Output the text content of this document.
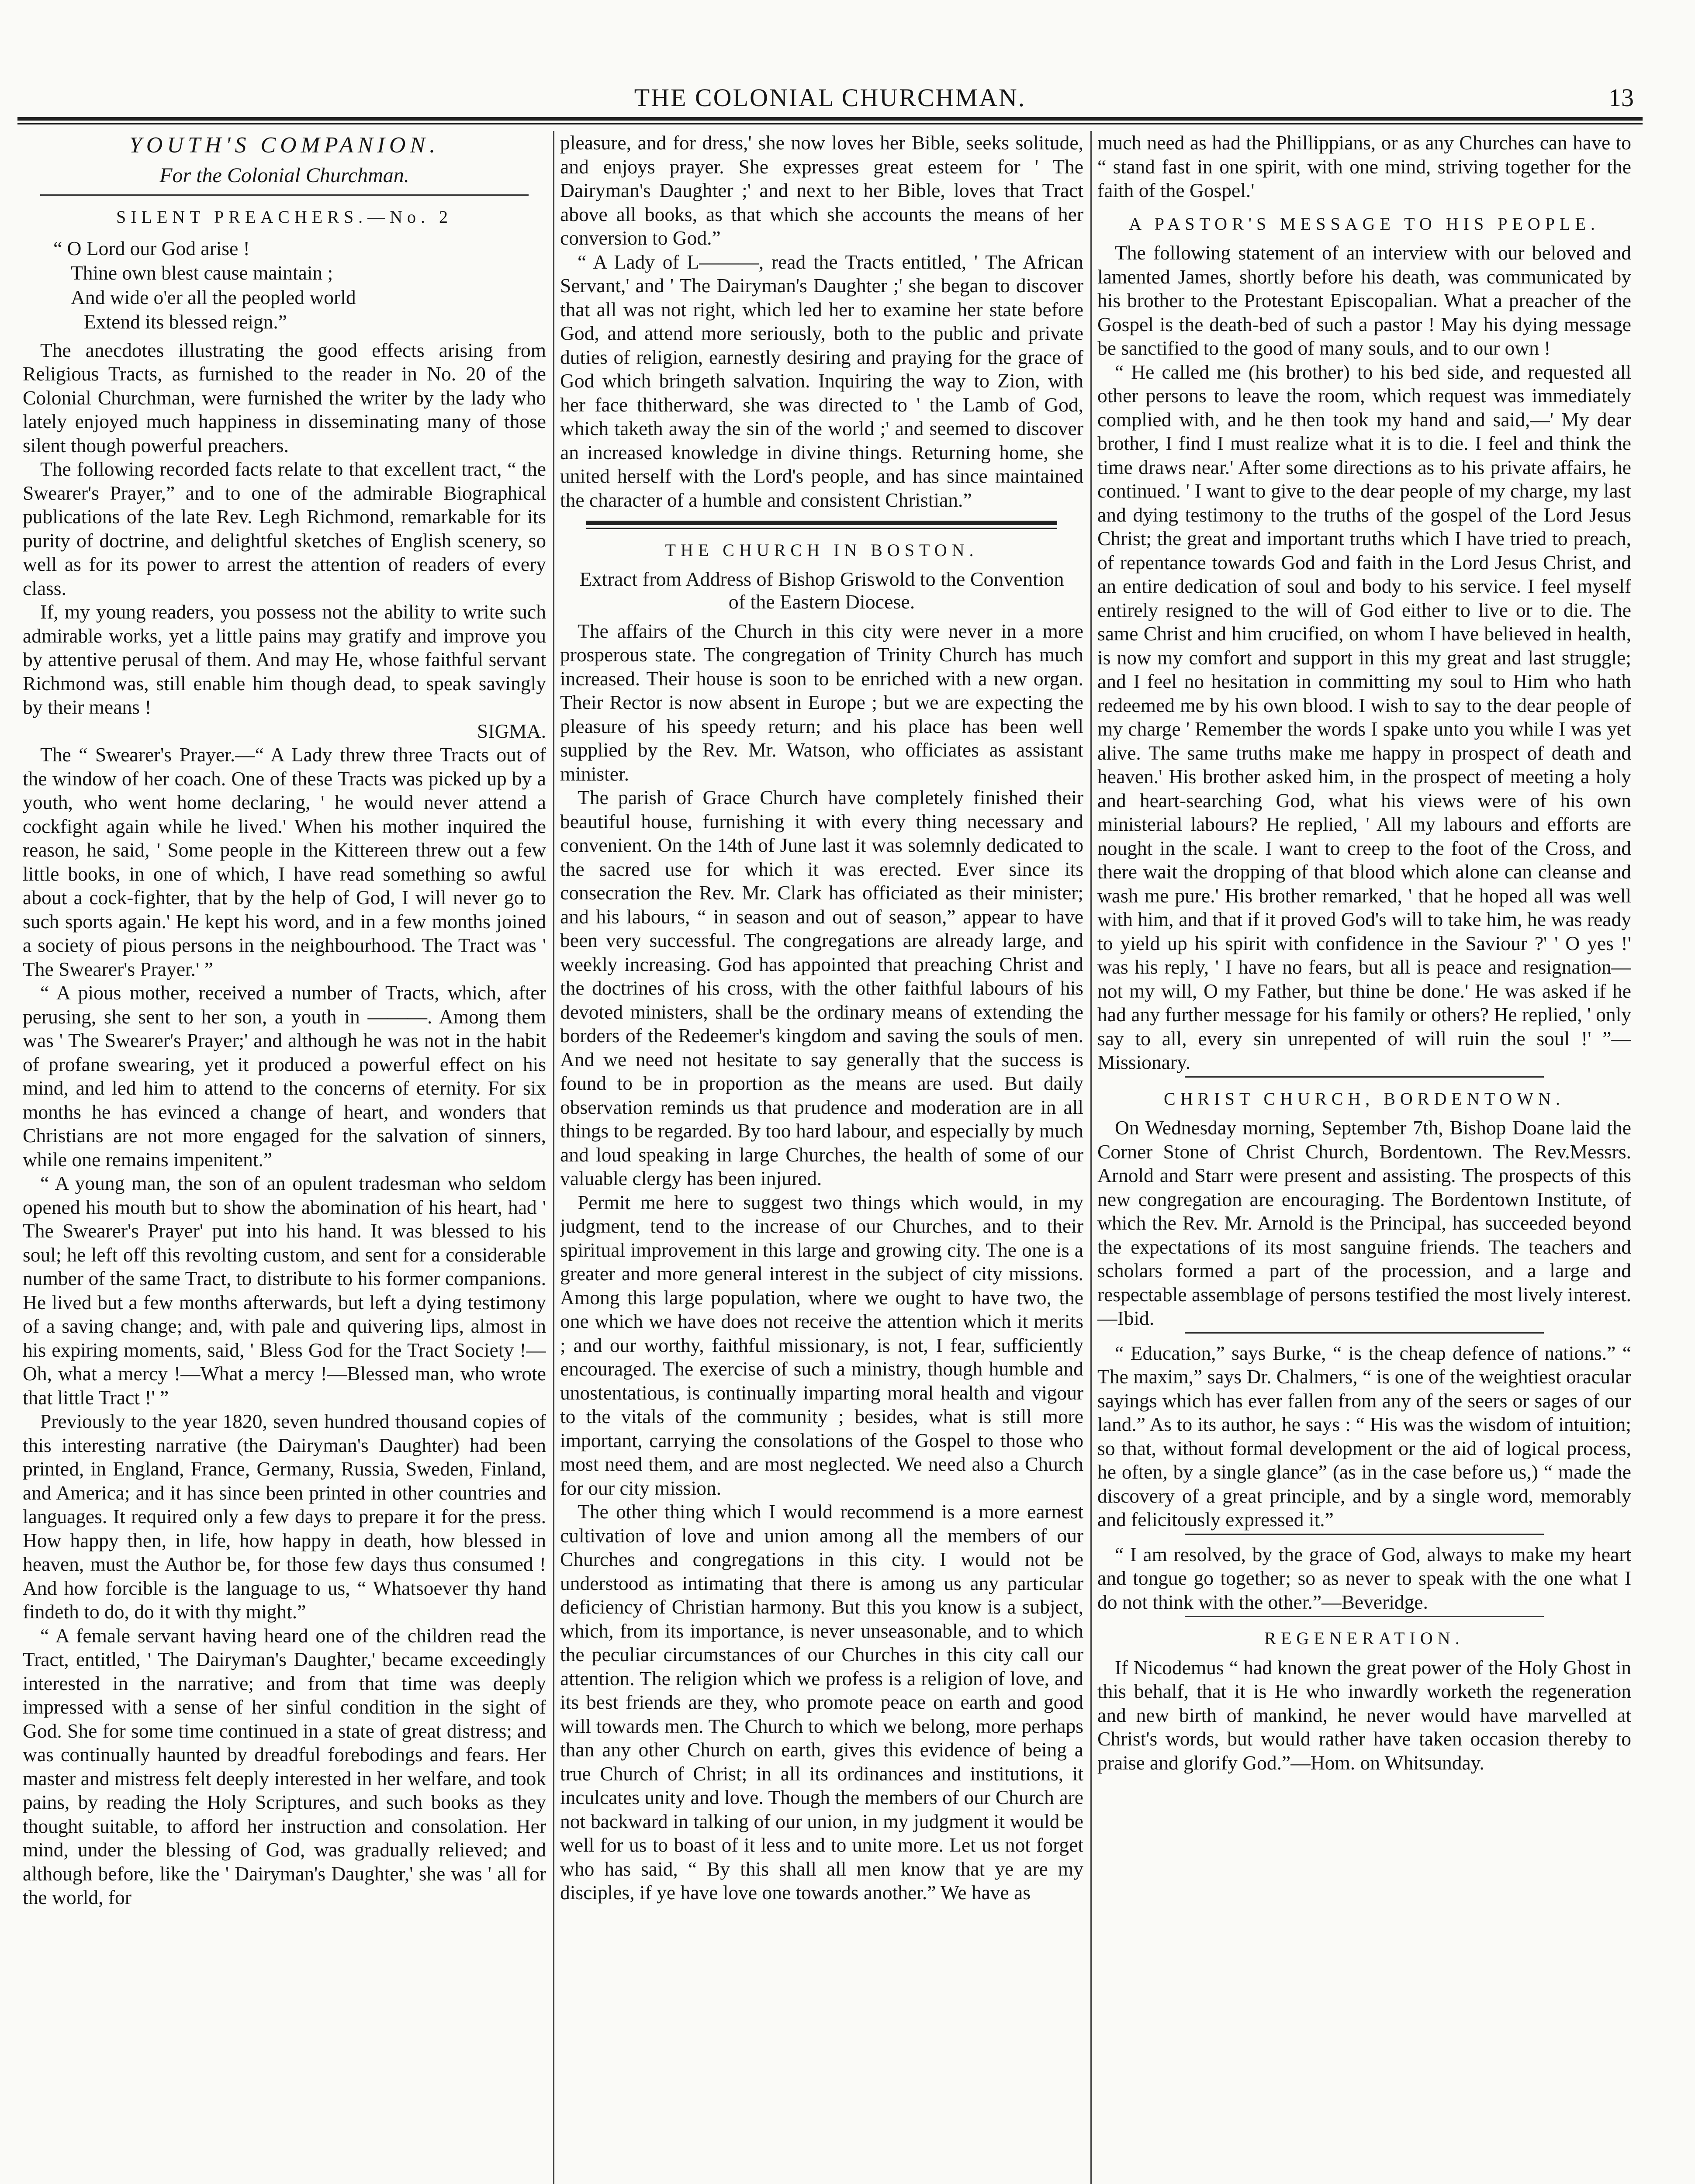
THE COLONIAL CHURCHMAN.	13
YOUTH'S COMPANION.
For the Colonial Churchman.
SILENT PREACHERS.—No. 2
“ O Lord our God arise !
Thine own blest cause maintain ;
And wide o'er all the peopled world
Extend its blessed reign.”

The anecdotes illustrating the good effects arising from Religious Tracts, as furnished to the reader in No. 20 of the Colonial Churchman, were furnished the writer by the lady who lately enjoyed much happiness in disseminating many of those silent though powerful preachers.

The following recorded facts relate to that excellent tract, “ the Swearer's Prayer,” and to one of the admirable Biographical publications of the late Rev. Legh Richmond, remarkable for its purity of doctrine, and delightful sketches of English scenery, so well as for its power to arrest the attention of readers of every class.

If, my young readers, you possess not the ability to write such admirable works, yet a little pains may gratify and improve you by attentive perusal of them. And may He, whose faithful servant Richmond was, still enable him though dead, to speak savingly by their means !

SIGMA.

The “ Swearer's Prayer.—“ A Lady threw three Tracts out of the window of her coach. One of these Tracts was picked up by a youth, who went home declaring, ' he would never attend a cockfight again while he lived.' When his mother inquired the reason, he said, ' Some people in the Kittereen threw out a few little books, in one of which, I have read something so awful about a cock-fighter, that by the help of God, I will never go to such sports again.' He kept his word, and in a few months joined a society of pious persons in the neighbourhood. The Tract was ' The Swearer's Prayer.' ”

“ A pious mother, received a number of Tracts, which, after perusing, she sent to her son, a youth in ———. Among them was ' The Swearer's Prayer;' and although he was not in the habit of profane swearing, yet it produced a powerful effect on his mind, and led him to attend to the concerns of eternity. For six months he has evinced a change of heart, and wonders that Christians are not more engaged for the salvation of sinners, while one remains impenitent.”

“ A young man, the son of an opulent tradesman who seldom opened his mouth but to show the abomination of his heart, had ' The Swearer's Prayer' put into his hand. It was blessed to his soul; he left off this revolting custom, and sent for a considerable number of the same Tract, to distribute to his former companions. He lived but a few months afterwards, but left a dying testimony of a saving change; and, with pale and quivering lips, almost in his expiring moments, said, ' Bless God for the Tract Society !—Oh, what a mercy !—What a mercy !—Blessed man, who wrote that little Tract !' ”

Previously to the year 1820, seven hundred thousand copies of this interesting narrative (the Dairyman's Daughter) had been printed, in England, France, Germany, Russia, Sweden, Finland, and America; and it has since been printed in other countries and languages. It required only a few days to prepare it for the press. How happy then, in life, how happy in death, how blessed in heaven, must the Author be, for those few days thus consumed ! And how forcible is the language to us, “ Whatsoever thy hand findeth to do, do it with thy might.”

“ A female servant having heard one of the children read the Tract, entitled, ' The Dairyman's Daughter,' became exceedingly interested in the narrative; and from that time was deeply impressed with a sense of her sinful condition in the sight of God. She for some time continued in a state of great distress; and was continually haunted by dreadful forebodings and fears. Her master and mistress felt deeply interested in her welfare, and took pains, by reading the Holy Scriptures, and such books as they thought suitable, to afford her instruction and consolation. Her mind, under the blessing of God, was gradually relieved; and although before, like the ' Dairyman's Daughter,' she was ' all for the world, for

pleasure, and for dress,' she now loves her Bible, seeks solitude, and enjoys prayer. She expresses great esteem for ' The Dairyman's Daughter ;' and next to her Bible, loves that Tract above all books, as that which she accounts the means of her conversion to God.”

“ A Lady of L———, read the Tracts entitled, ' The African Servant,' and ' The Dairyman's Daughter ;' she began to discover that all was not right, which led her to examine her state before God, and attend more seriously, both to the public and private duties of religion, earnestly desiring and praying for the grace of God which bringeth salvation. Inquiring the way to Zion, with her face thitherward, she was directed to ' the Lamb of God, which taketh away the sin of the world ;' and seemed to discover an increased knowledge in divine things. Returning home, she united herself with the Lord's people, and has since maintained the character of a humble and consistent Christian.”

THE CHURCH IN BOSTON.
Extract from Address of Bishop Griswold to the Convention of the Eastern Diocese.

The affairs of the Church in this city were never in a more prosperous state. The congregation of Trinity Church has much increased. Their house is soon to be enriched with a new organ. Their Rector is now absent in Europe ; but we are expecting the pleasure of his speedy return; and his place has been well supplied by the Rev. Mr. Watson, who officiates as assistant minister.

The parish of Grace Church have completely finished their beautiful house, furnishing it with every thing necessary and convenient. On the 14th of June last it was solemnly dedicated to the sacred use for which it was erected. Ever since its consecration the Rev. Mr. Clark has officiated as their minister; and his labours, “ in season and out of season,” appear to have been very successful. The congregations are already large, and weekly increasing. God has appointed that preaching Christ and the doctrines of his cross, with the other faithful labours of his devoted ministers, shall be the ordinary means of extending the borders of the Redeemer's kingdom and saving the souls of men. And we need not hesitate to say generally that the success is found to be in proportion as the means are used. But daily observation reminds us that prudence and moderation are in all things to be regarded. By too hard labour, and especially by much and loud speaking in large Churches, the health of some of our valuable clergy has been injured.

Permit me here to suggest two things which would, in my judgment, tend to the increase of our Churches, and to their spiritual improvement in this large and growing city. The one is a greater and more general interest in the subject of city missions. Among this large population, where we ought to have two, the one which we have does not receive the attention which it merits ; and our worthy, faithful missionary, is not, I fear, sufficiently encouraged. The exercise of such a ministry, though humble and unostentatious, is continually imparting moral health and vigour to the vitals of the community ; besides, what is still more important, carrying the consolations of the Gospel to those who most need them, and are most neglected. We need also a Church for our city mission.

The other thing which I would recommend is a more earnest cultivation of love and union among all the members of our Churches and congregations in this city. I would not be understood as intimating that there is among us any particular deficiency of Christian harmony. But this you know is a subject, which, from its importance, is never unseasonable, and to which the peculiar circumstances of our Churches in this city call our attention. The religion which we profess is a religion of love, and its best friends are they, who promote peace on earth and good will towards men. The Church to which we belong, more perhaps than any other Church on earth, gives this evidence of being a true Church of Christ; in all its ordinances and institutions, it inculcates unity and love. Though the members of our Church are not backward in talking of our union, in my judgment it would be well for us to boast of it less and to unite more. Let us not forget who has said, “ By this shall all men know that ye are my disciples, if ye have love one towards another.” We have as

much need as had the Phillippians, or as any Churches can have to “ stand fast in one spirit, with one mind, striving together for the faith of the Gospel.'

A PASTOR'S MESSAGE TO HIS PEOPLE.

The following statement of an interview with our beloved and lamented James, shortly before his death, was communicated by his brother to the Protestant Episcopalian. What a preacher of the Gospel is the death-bed of such a pastor ! May his dying message be sanctified to the good of many souls, and to our own !

“ He called me (his brother) to his bed side, and requested all other persons to leave the room, which request was immediately complied with, and he then took my hand and said,—' My dear brother, I find I must realize what it is to die. I feel and think the time draws near.' After some directions as to his private affairs, he continued. ' I want to give to the dear people of my charge, my last and dying testimony to the truths of the gospel of the Lord Jesus Christ; the great and important truths which I have tried to preach, of repentance towards God and faith in the Lord Jesus Christ, and an entire dedication of soul and body to his service. I feel myself entirely resigned to the will of God either to live or to die. The same Christ and him crucified, on whom I have believed in health, is now my comfort and support in this my great and last struggle; and I feel no hesitation in committing my soul to Him who hath redeemed me by his own blood. I wish to say to the dear people of my charge ' Remember the words I spake unto you while I was yet alive. The same truths make me happy in prospect of death and heaven.' His brother asked him, in the prospect of meeting a holy and heart-searching God, what his views were of his own ministerial labours? He replied, ' All my labours and efforts are nought in the scale. I want to creep to the foot of the Cross, and there wait the dropping of that blood which alone can cleanse and wash me pure.' His brother remarked, ' that he hoped all was well with him, and that if it proved God's will to take him, he was ready to yield up his spirit with confidence in the Saviour ?' ' O yes !' was his reply, ' I have no fears, but all is peace and resignation—not my will, O my Father, but thine be done.' He was asked if he had any further message for his family or others? He replied, ' only say to all, every sin unrepented of will ruin the soul !' ”—Missionary.

CHRIST CHURCH, BORDENTOWN.

On Wednesday morning, September 7th, Bishop Doane laid the Corner Stone of Christ Church, Bordentown. The Rev.Messrs. Arnold and Starr were present and assisting. The prospects of this new congregation are encouraging. The Bordentown Institute, of which the Rev. Mr. Arnold is the Principal, has succeeded beyond the expectations of its most sanguine friends. The teachers and scholars formed a part of the procession, and a large and respectable assemblage of persons testified the most lively interest.—Ibid.

“ Education,” says Burke, “ is the cheap defence of nations.” “ The maxim,” says Dr. Chalmers, “ is one of the weightiest oracular sayings which has ever fallen from any of the seers or sages of our land.” As to its author, he says : “ His was the wisdom of intuition; so that, without formal development or the aid of logical process, he often, by a single glance” (as in the case before us,) “ made the discovery of a great principle, and by a single word, memorably and felicitously expressed it.”

“ I am resolved, by the grace of God, always to make my heart and tongue go together; so as never to speak with the one what I do not think with the other.”—Beveridge.

REGENERATION.

If Nicodemus “ had known the great power of the Holy Ghost in this behalf, that it is He who inwardly worketh the regeneration and new birth of mankind, he never would have marvelled at Christ's words, but would rather have taken occasion thereby to praise and glorify God.”—Hom. on Whitsunday.
